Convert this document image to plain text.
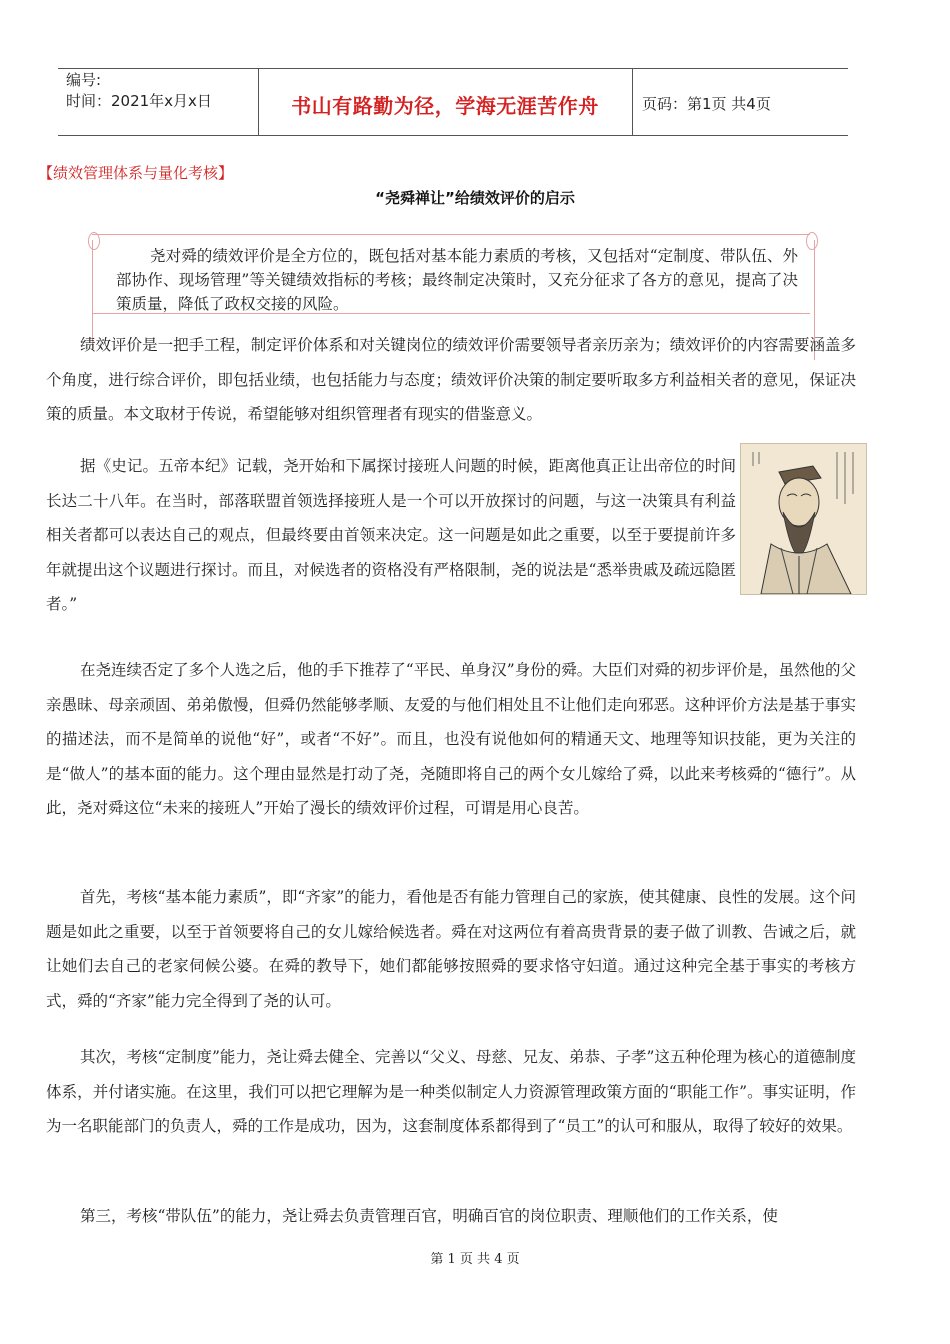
编号:
时间：2021年x月x日	书山有路勤为径，学海无涯苦作舟	页码：第1页 共4页
【绩效管理体系与量化考核】
“尧舜禅让”给绩效评价的启示
尧对舜的绩效评价是全方位的，既包括对基本能力素质的考核，又包括对“定制度、带队伍、外部协作、现场管理”等关键绩效指标的考核；最终制定决策时，又充分征求了各方的意见，提高了决策质量，降低了政权交接的风险。

绩效评价是一把手工程，制定评价体系和对关键岗位的绩效评价需要领导者亲历亲为；绩效评价的内容需要涵盖多个角度，进行综合评价，即包括业绩，也包括能力与态度；绩效评价决策的制定要听取多方利益相关者的意见，保证决策的质量。本文取材于传说，希望能够对组织管理者有现实的借鉴意义。

据《史记。五帝本纪》记载，尧开始和下属探讨接班人问题的时候，距离他真正让出帝位的时间长达二十八年。在当时，部落联盟首领选择接班人是一个可以开放探讨的问题，与这一决策具有利益相关者都可以表达自己的观点，但最终要由首领来决定。这一问题是如此之重要，以至于要提前许多年就提出这个议题进行探讨。而且，对候选者的资格没有严格限制，尧的说法是“悉举贵戚及疏远隐匿者。”

在尧连续否定了多个人选之后，他的手下推荐了“平民、单身汉”身份的舜。大臣们对舜的初步评价是，虽然他的父亲愚昧、母亲顽固、弟弟傲慢，但舜仍然能够孝顺、友爱的与他们相处且不让他们走向邪恶。这种评价方法是基于事实的描述法，而不是简单的说他“好”，或者“不好”。而且，也没有说他如何的精通天文、地理等知识技能，更为关注的是“做人”的基本面的能力。这个理由显然是打动了尧，尧随即将自己的两个女儿嫁给了舜，以此来考核舜的“德行”。从此，尧对舜这位“未来的接班人”开始了漫长的绩效评价过程，可谓是用心良苦。

首先，考核“基本能力素质”，即“齐家”的能力，看他是否有能力管理自己的家族，使其健康、良性的发展。这个问题是如此之重要，以至于首领要将自己的女儿嫁给候选者。舜在对这两位有着高贵背景的妻子做了训教、告诫之后，就让她们去自己的老家伺候公婆。在舜的教导下，她们都能够按照舜的要求恪守妇道。通过这种完全基于事实的考核方式，舜的“齐家”能力完全得到了尧的认可。

其次，考核“定制度”能力，尧让舜去健全、完善以“父义、母慈、兄友、弟恭、子孝”这五种伦理为核心的道德制度体系，并付诸实施。在这里，我们可以把它理解为是一种类似制定人力资源管理政策方面的“职能工作”。事实证明，作为一名职能部门的负责人，舜的工作是成功，因为，这套制度体系都得到了“员工”的认可和服从，取得了较好的效果。

第三，考核“带队伍”的能力，尧让舜去负责管理百官，明确百官的岗位职责、理顺他们的工作关系，使

第 1 页 共 4 页
